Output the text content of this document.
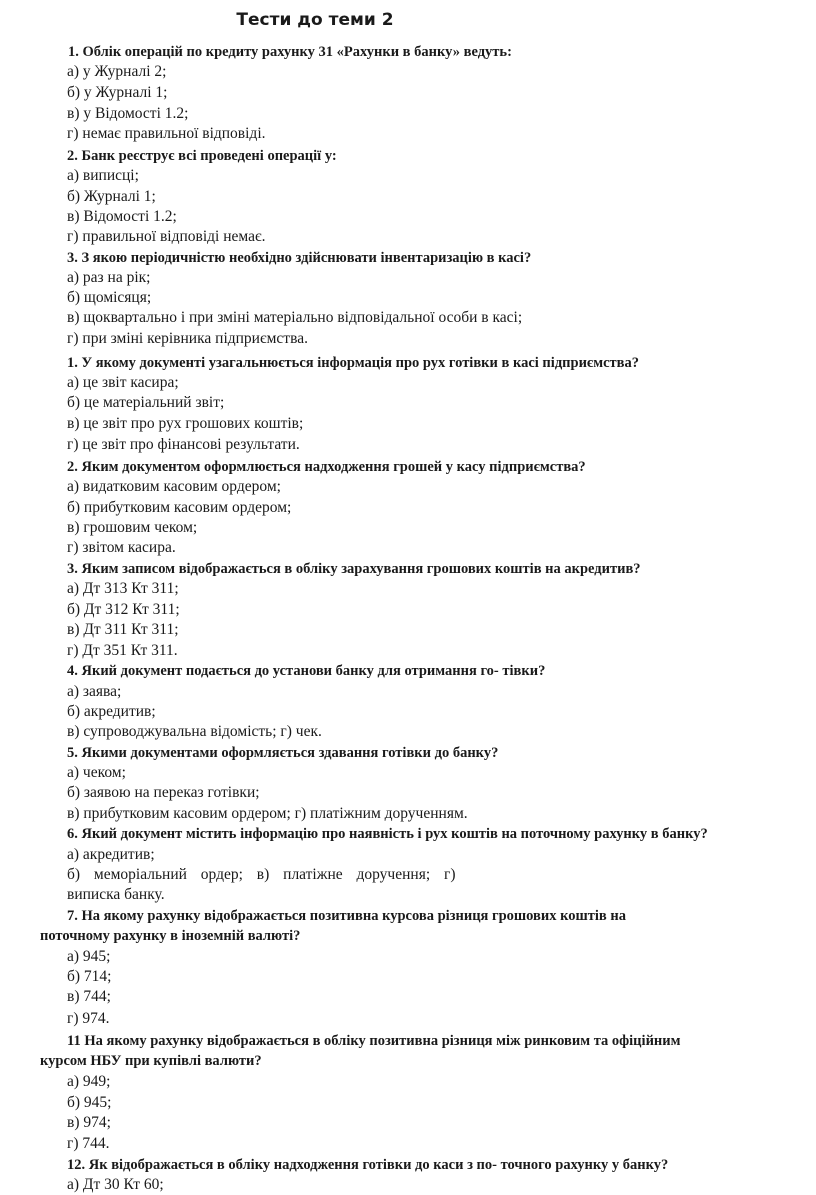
Тести до теми 2
1. Облік операцій по кредиту рахунку 31 «Рахунки в банку» ведуть:
а) у Журналі 2;
б) у Журналі 1;
в) у Відомості 1.2;
г) немає правильної відповіді.
2. Банк реєструє всі проведені операції у:
а) виписці;
б) Журналі 1;
в) Відомості 1.2;
г) правильної відповіді немає.
3. З якою періодичністю необхідно здійснювати інвентаризацію в касі?
а) раз на рік;
б) щомісяця;
в) щоквартально і при зміні матеріально відповідальної особи в касі;
г) при зміні керівника підприємства.
1. У якому документі узагальнюється інформація про рух готівки в касі підприємства?
а) це звіт касира;
б) це матеріальний звіт;
в) це звіт про рух грошових коштів;
г) це звіт про фінансові результати.
2. Яким документом оформлюється надходження грошей у касу підприємства?
а) видатковим касовим ордером;
б) прибутковим касовим ордером;
в) грошовим чеком;
г) звітом касира.
3. Яким записом відображається в обліку зарахування грошових коштів на акредитив?
а) Дт 313 Кт 311;
б) Дт 312 Кт 311;
в) Дт 311 Кт 311;
г) Дт 351 Кт 311.
4. Який документ подається до установи банку для отримання го- тівки?
а) заява;
б) акредитив;
в) супроводжувальна відомість; г) чек.
5. Якими документами оформляється здавання готівки до банку?
а) чеком;
б) заявою на переказ готівки;
в) прибутковим касовим ордером; г) платіжним дорученням.
6. Який документ містить інформацію про наявність і рух коштів на поточному рахунку в банку?
а) акредитив;
б) меморіальний ордер; в) платіжне доручення; г)
виписка банку.
7. На якому рахунку відображається позитивна курсова різниця грошових коштів на
поточному рахунку в іноземній валюті?
а) 945;
б) 714;
в) 744;
г) 974.
11 На якому рахунку відображається в обліку позитивна різниця між ринковим та офіційним
курсом НБУ при купівлі валюти?
а) 949;
б) 945;
в) 974;
г) 744.
12. Як відображається в обліку надходження готівки до каси з по- точного рахунку у банку?
а) Дт 30 Кт 60;
